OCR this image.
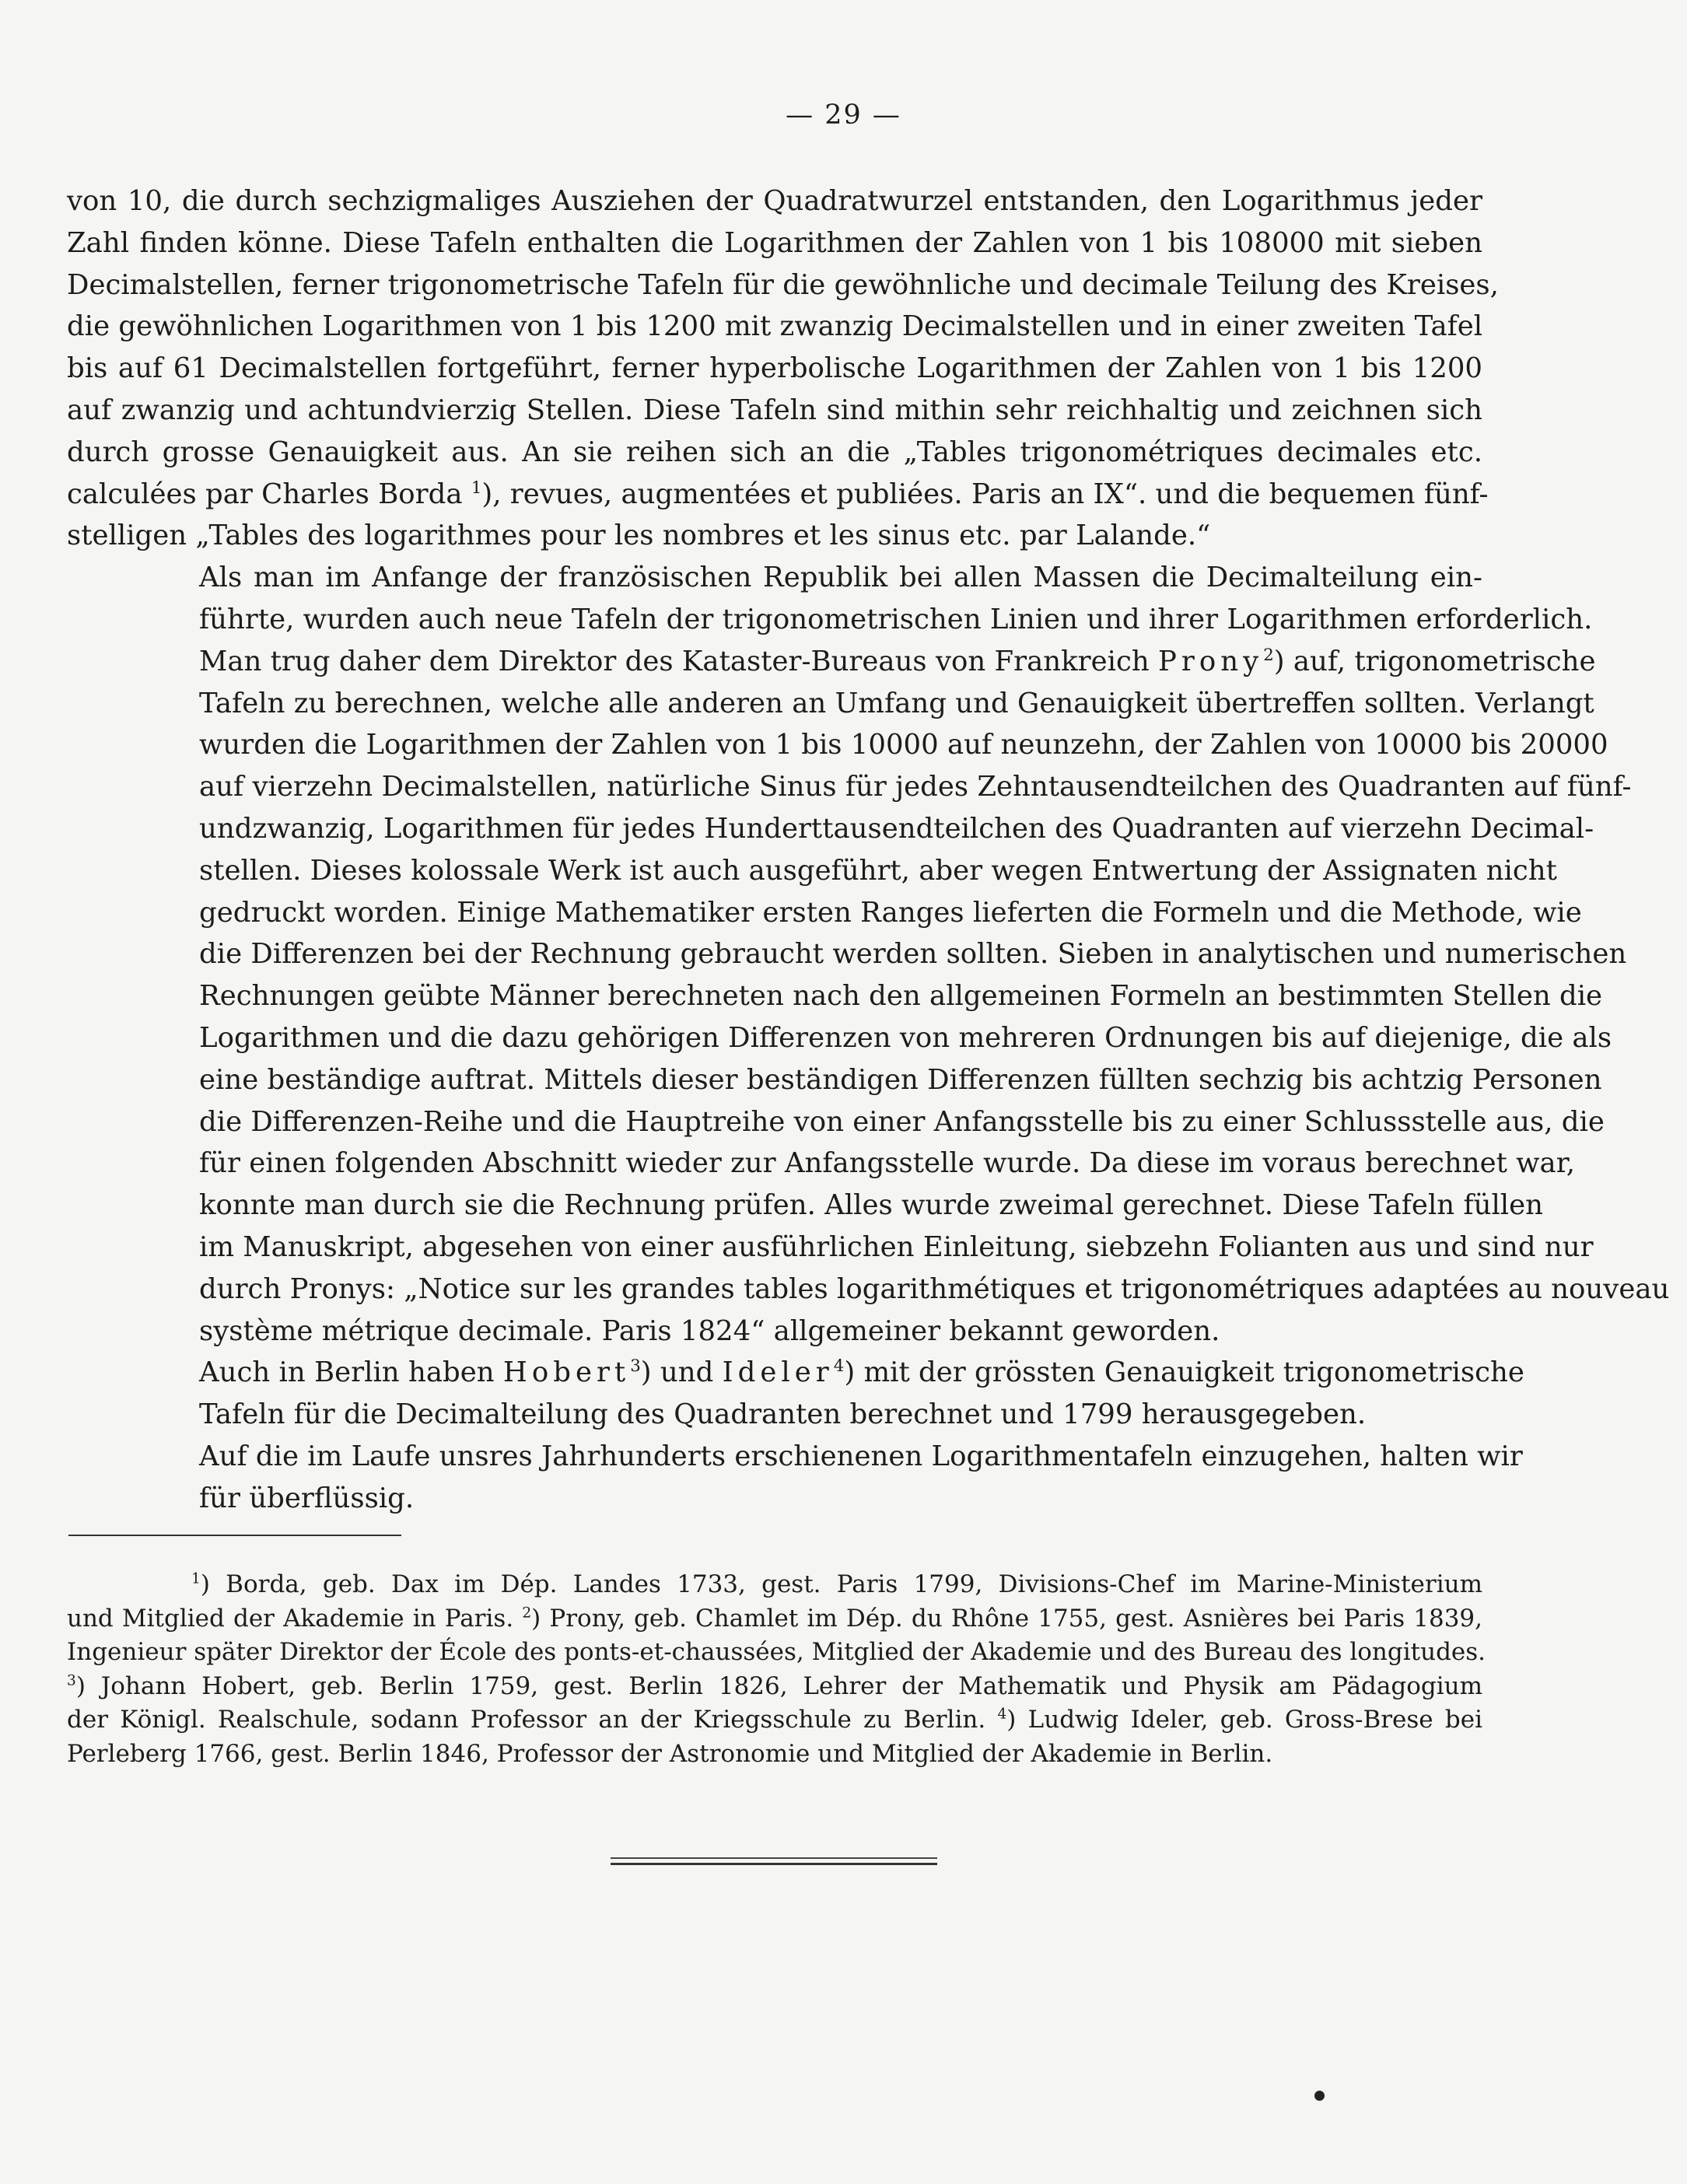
— 29 —

von 10, die durch sechzigmaliges Ausziehen der Quadratwurzel entstanden, den Logarithmus jeder
Zahl finden könne. Diese Tafeln enthalten die Logarithmen der Zahlen von 1 bis 108000 mit sieben
Decimalstellen, ferner trigonometrische Tafeln für die gewöhnliche und decimale Teilung des Kreises,
die gewöhnlichen Logarithmen von 1 bis 1200 mit zwanzig Decimalstellen und in einer zweiten Tafel
bis auf 61 Decimalstellen fortgeführt, ferner hyperbolische Logarithmen der Zahlen von 1 bis 1200
auf zwanzig und achtundvierzig Stellen. Diese Tafeln sind mithin sehr reichhaltig und zeichnen sich
durch grosse Genauigkeit aus. An sie reihen sich an die „Tables trigonométriques decimales etc.
calculées par Charles Borda $^1$), revues, augmentées et publiées. Paris an IX“. und die bequemen fünf-
stelligen „Tables des logarithmes pour les nombres et les sinus etc. par Lalande.“

Als man im Anfange der französischen Republik bei allen Massen die Decimalteilung ein-
führte, wurden auch neue Tafeln der trigonometrischen Linien und ihrer Logarithmen erforderlich.
Man trug daher dem Direktor des Kataster-Bureaus von Frankreich Prony$^2$) auf, trigonometrische
Tafeln zu berechnen, welche alle anderen an Umfang und Genauigkeit übertreffen sollten. Verlangt
wurden die Logarithmen der Zahlen von 1 bis 10000 auf neunzehn, der Zahlen von 10000 bis 20000
auf vierzehn Decimalstellen, natürliche Sinus für jedes Zehntausendteilchen des Quadranten auf fünf-
undzwanzig, Logarithmen für jedes Hunderttausendteilchen des Quadranten auf vierzehn Decimal-
stellen. Dieses kolossale Werk ist auch ausgeführt, aber wegen Entwertung der Assignaten nicht
gedruckt worden. Einige Mathematiker ersten Ranges lieferten die Formeln und die Methode, wie
die Differenzen bei der Rechnung gebraucht werden sollten. Sieben in analytischen und numerischen
Rechnungen geübte Männer berechneten nach den allgemeinen Formeln an bestimmten Stellen die
Logarithmen und die dazu gehörigen Differenzen von mehreren Ordnungen bis auf diejenige, die als
eine beständige auftrat. Mittels dieser beständigen Differenzen füllten sechzig bis achtzig Personen
die Differenzen-Reihe und die Hauptreihe von einer Anfangsstelle bis zu einer Schlussstelle aus, die
für einen folgenden Abschnitt wieder zur Anfangsstelle wurde. Da diese im voraus berechnet war,
konnte man durch sie die Rechnung prüfen. Alles wurde zweimal gerechnet. Diese Tafeln füllen
im Manuskript, abgesehen von einer ausführlichen Einleitung, siebzehn Folianten aus und sind nur
durch Pronys: „Notice sur les grandes tables logarithmétiques et trigonométriques adaptées au nouveau
système métrique decimale. Paris 1824“ allgemeiner bekannt geworden.

Auch in Berlin haben Hobert$^3$) und Ideler$^4$) mit der grössten Genauigkeit trigonometrische
Tafeln für die Decimalteilung des Quadranten berechnet und 1799 herausgegeben.

Auf die im Laufe unsres Jahrhunderts erschienenen Logarithmentafeln einzugehen, halten wir
für überflüssig.

$^1$) Borda, geb. Dax im Dép. Landes 1733, gest. Paris 1799, Divisions-Chef im Marine-Ministerium
und Mitglied der Akademie in Paris. $^2$) Prony, geb. Chamlet im Dép. du Rhône 1755, gest. Asnières bei Paris 1839,
Ingenieur später Direktor der École des ponts-et-chaussées, Mitglied der Akademie und des Bureau des longitudes.
$^3$) Johann Hobert, geb. Berlin 1759, gest. Berlin 1826, Lehrer der Mathematik und Physik am Pädagogium
der Königl. Realschule, sodann Professor an der Kriegsschule zu Berlin. $^4$) Ludwig Ideler, geb. Gross-Brese bei
Perleberg 1766, gest. Berlin 1846, Professor der Astronomie und Mitglied der Akademie in Berlin.
